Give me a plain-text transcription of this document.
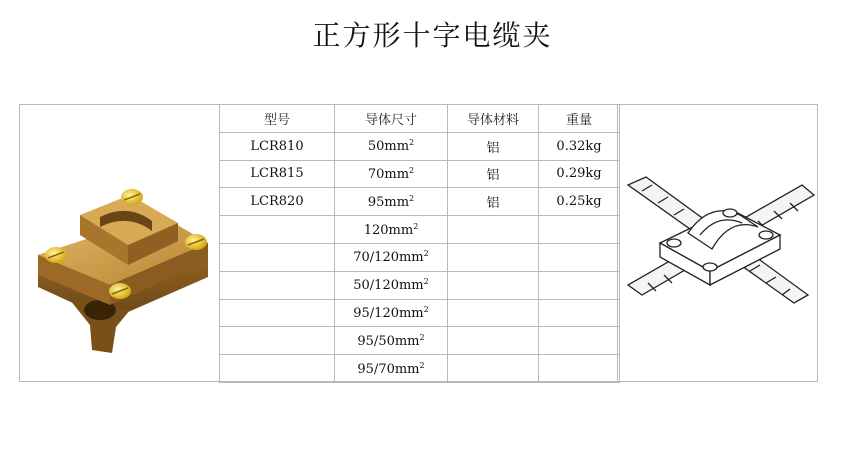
正方形十字电缆夹
型号	导体尺寸	导体材料	重量
LCR810	$50mm^2$	铝	0.32kg
LCR815	$70mm^2$	铝	0.29kg
LCR820	$95mm^2$	铝	0.25kg
	$120mm^2$		
	$70/120mm^2$		
	$50/120mm^2$		
	$95/120mm^2$		
	$95/50mm^2$		
	$95/70mm^2$		
